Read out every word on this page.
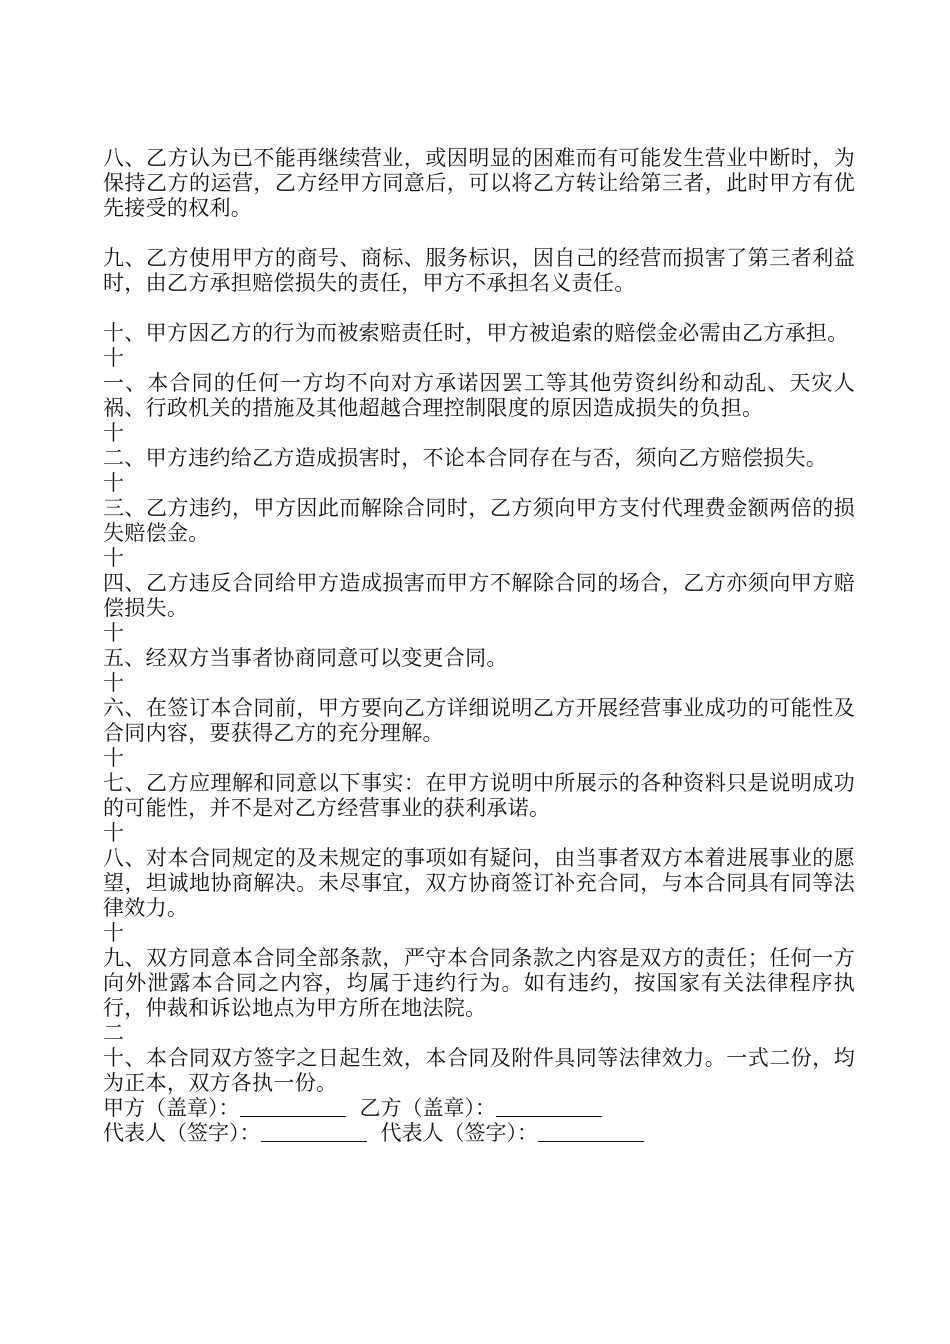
八、乙方认为已不能再继续营业，或因明显的困难而有可能发生营业中断时，为保持乙方的运营，乙方经甲方同意后，可以将乙方转让给第三者，此时甲方有优先接受的权利。

九、乙方使用甲方的商号、商标、服务标识，因自己的经营而损害了第三者利益时，由乙方承担赔偿损失的责任，甲方不承担名义责任。

十、甲方因乙方的行为而被索赔责任时，甲方被追索的赔偿金必需由乙方承担。

十

一、本合同的任何一方均不向对方承诺因罢工等其他劳资纠纷和动乱、天灾人祸、行政机关的措施及其他超越合理控制限度的原因造成损失的负担。

十

二、甲方违约给乙方造成损害时，不论本合同存在与否，须向乙方赔偿损失。

十

三、乙方违约，甲方因此而解除合同时，乙方须向甲方支付代理费金额两倍的损失赔偿金。

十

四、乙方违反合同给甲方造成损害而甲方不解除合同的场合，乙方亦须向甲方赔偿损失。

十

五、经双方当事者协商同意可以变更合同。

十

六、在签订本合同前，甲方要向乙方详细说明乙方开展经营事业成功的可能性及合同内容，要获得乙方的充分理解。

十

七、乙方应理解和同意以下事实：在甲方说明中所展示的各种资料只是说明成功的可能性，并不是对乙方经营事业的获利承诺。

十

八、对本合同规定的及未规定的事项如有疑问，由当事者双方本着进展事业的愿望，坦诚地协商解决。未尽事宜，双方协商签订补充合同，与本合同具有同等法律效力。

十

九、双方同意本合同全部条款，严守本合同条款之内容是双方的责任；任何一方向外泄露本合同之内容，均属于违约行为。如有违约，按国家有关法律程序执行，仲裁和诉讼地点为甲方所在地法院。

二

十、本合同双方签字之日起生效，本合同及附件具同等法律效力。一式二份，均为正本，双方各执一份。

甲方（盖章）：	乙方（盖章）：
代表人（签字）：	代表人（签字）：
